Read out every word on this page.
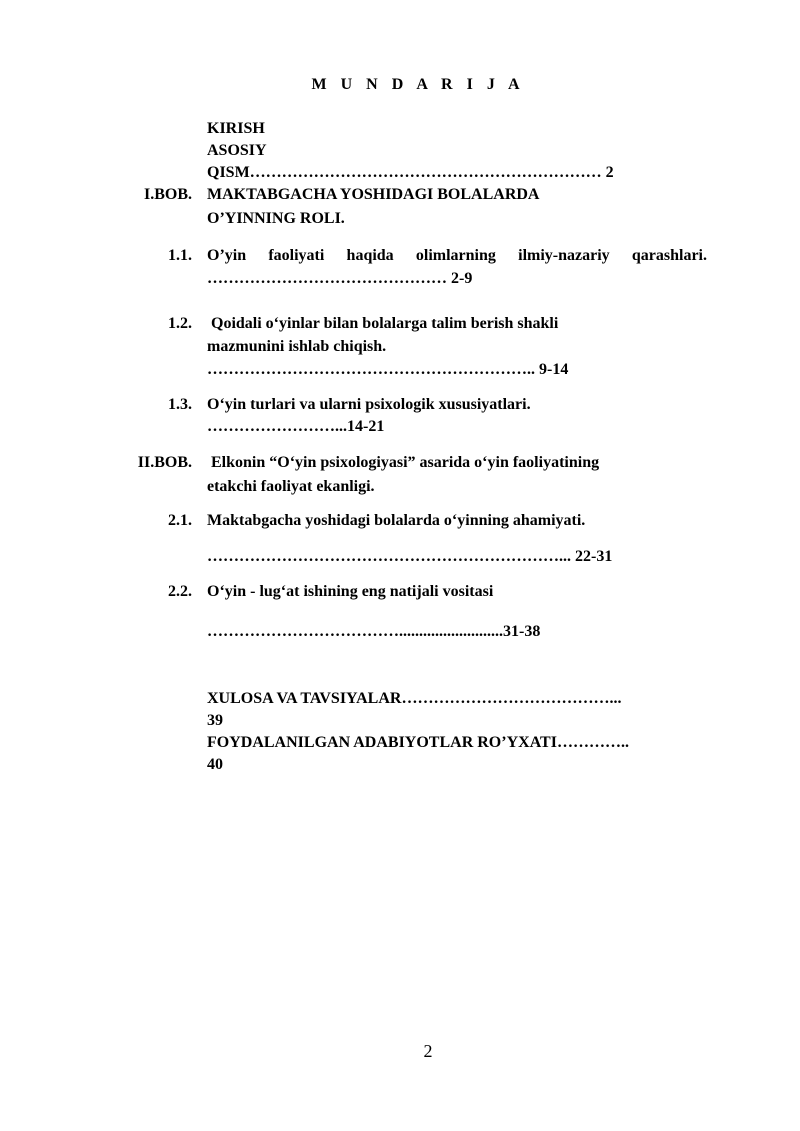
M U N D A R I J A
KIRISH
ASOSIY
QISM………………………………………………………… 2
I.BOB. MAKTABGACHA YOSHIDAGI BOLALARDA
O’YINNING ROLI.
1.1. O’yin faoliyati haqida olimlarning ilmiy-nazariy qarashlari.
……………………………………… 2-9
1.2. Qoidali oʻyinlar bilan bolalarga talim berish shakli
mazmunini ishlab chiqish.
…………………………………………………….. 9-14
1.3. Oʻyin turlari va ularni psixologik xususiyatlari.
……………………...14-21
II.BOB. Elkonin “Oʻyin psixologiyasi” asarida oʻyin faoliyatining
etakchi faoliyat ekanligi.
2.1. Maktabgacha yoshidagi bolalarda oʻyinning ahamiyati.
…………………………………………………………... 22-31
2.2. Oʻyin - lugʻat ishining eng natijali vositasi
………………………………..........................31-38
XULOSA VA TAVSIYALAR…………………………………...
39
FOYDALANILGAN ADABIYOTLAR RO’YXATI…………..
40
2
